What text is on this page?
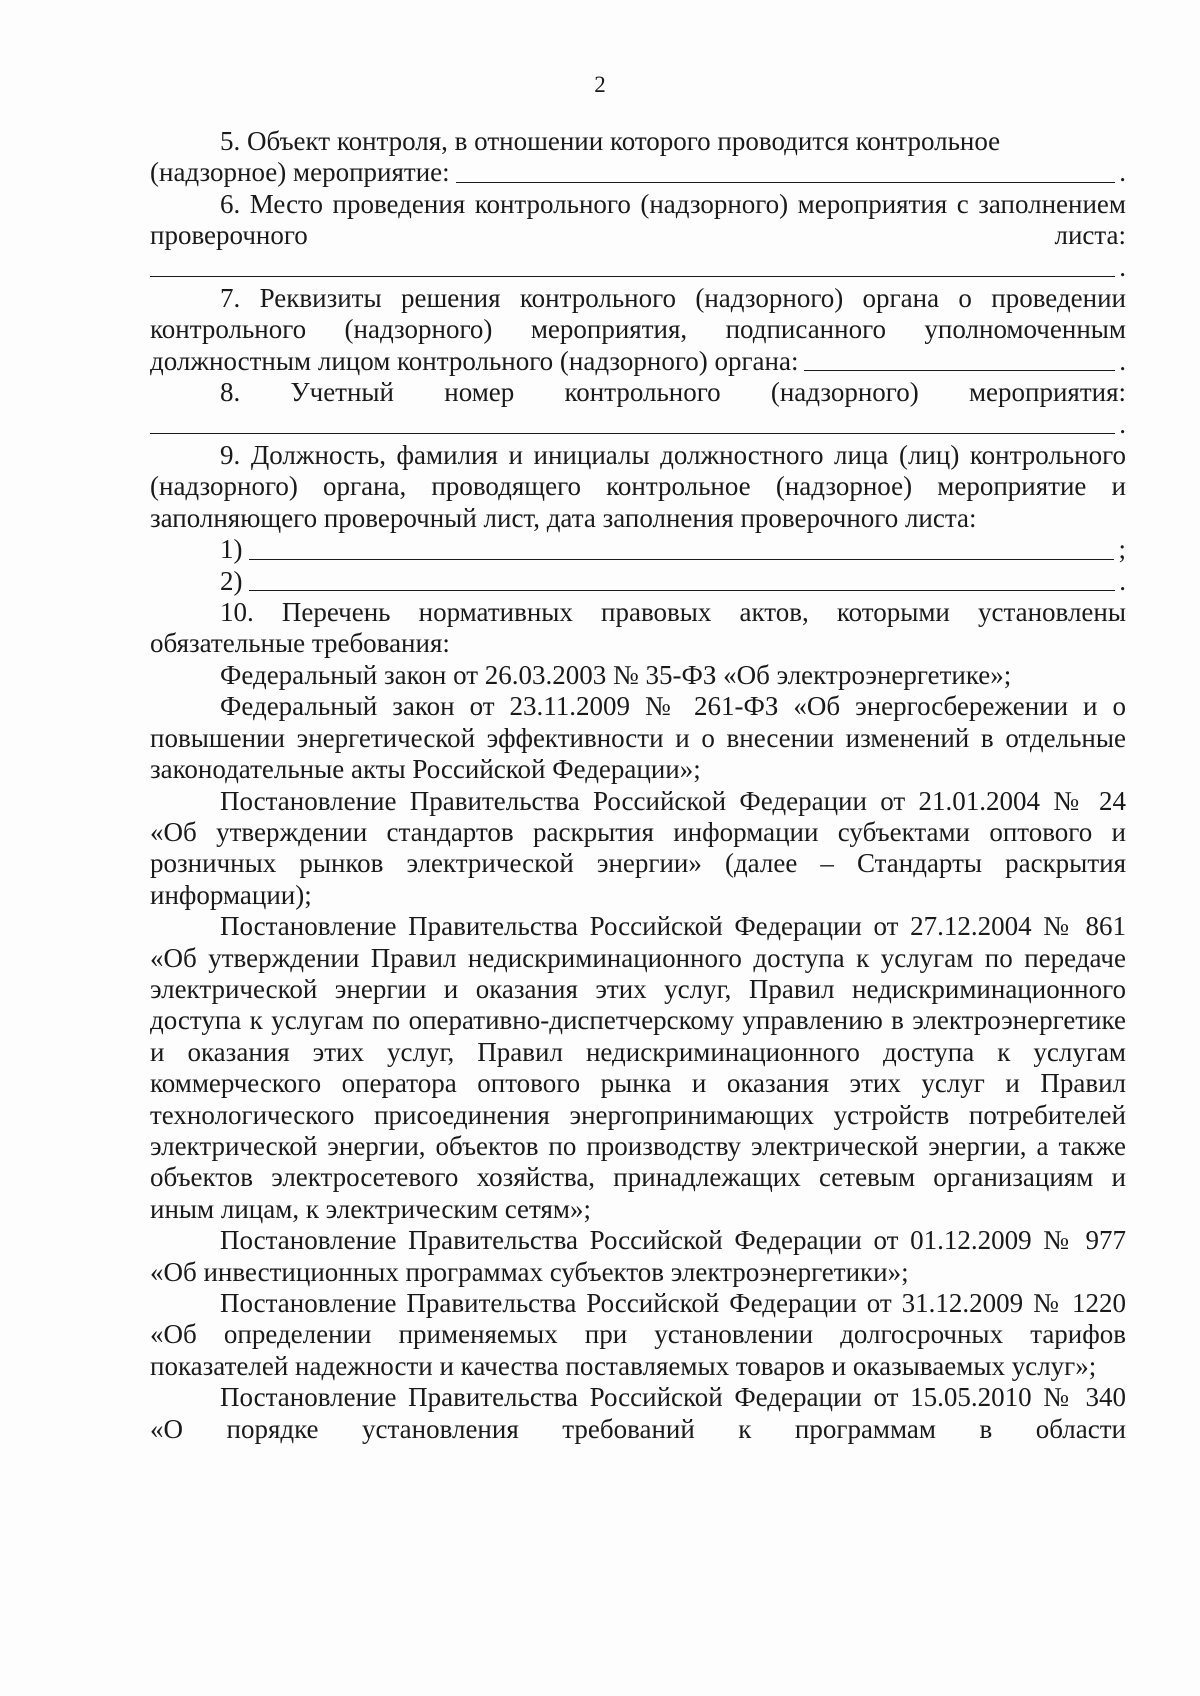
2

5. Объект контроля, в отношении которого проводится контрольное

(надзорное) мероприятие:	.

6. Место проведения контрольного (надзорного) мероприятия с заполнением проверочного листа:

.

7. Реквизиты решения контрольного (надзорного) органа о проведении контрольного (надзорного) мероприятия, подписанного уполномоченным

должностным лицом контрольного (надзорного) органа:	.

8. Учетный номер контрольного (надзорного) мероприятия:

.

9. Должность, фамилия и инициалы должностного лица (лиц) контрольного (надзорного) органа, проводящего контрольное (надзорное) мероприятие и заполняющего проверочный лист, дата заполнения проверочного листа:

1)	;
2)	.

10. Перечень нормативных правовых актов, которыми установлены обязательные требования:

Федеральный закон от 26.03.2003 № 35-ФЗ «Об электроэнергетике»;

Федеральный закон от 23.11.2009 № 261-ФЗ «Об энергосбережении и о повышении энергетической эффективности и о внесении изменений в отдельные законодательные акты Российской Федерации»;

Постановление Правительства Российской Федерации от 21.01.2004 № 24 «Об утверждении стандартов раскрытия информации субъектами оптового и розничных рынков электрической энергии» (далее – Стандарты раскрытия информации);

Постановление Правительства Российской Федерации от 27.12.2004 № 861 «Об утверждении Правил недискриминационного доступа к услугам по передаче электрической энергии и оказания этих услуг, Правил недискриминационного доступа к услугам по оперативно-диспетчерскому управлению в электроэнергетике и оказания этих услуг, Правил недискриминационного доступа к услугам коммерческого оператора оптового рынка и оказания этих услуг и Правил технологического присоединения энергопринимающих устройств потребителей электрической энергии, объектов по производству электрической энергии, а также объектов электросетевого хозяйства, принадлежащих сетевым организациям и иным лицам, к электрическим сетям»;

Постановление Правительства Российской Федерации от 01.12.2009 № 977 «Об инвестиционных программах субъектов электроэнергетики»;

Постановление Правительства Российской Федерации от 31.12.2009 № 1220 «Об определении применяемых при установлении долгосрочных тарифов показателей надежности и качества поставляемых товаров и оказываемых услуг»;

Постановление Правительства Российской Федерации от 15.05.2010 № 340 «О порядке установления требований к программам в области
